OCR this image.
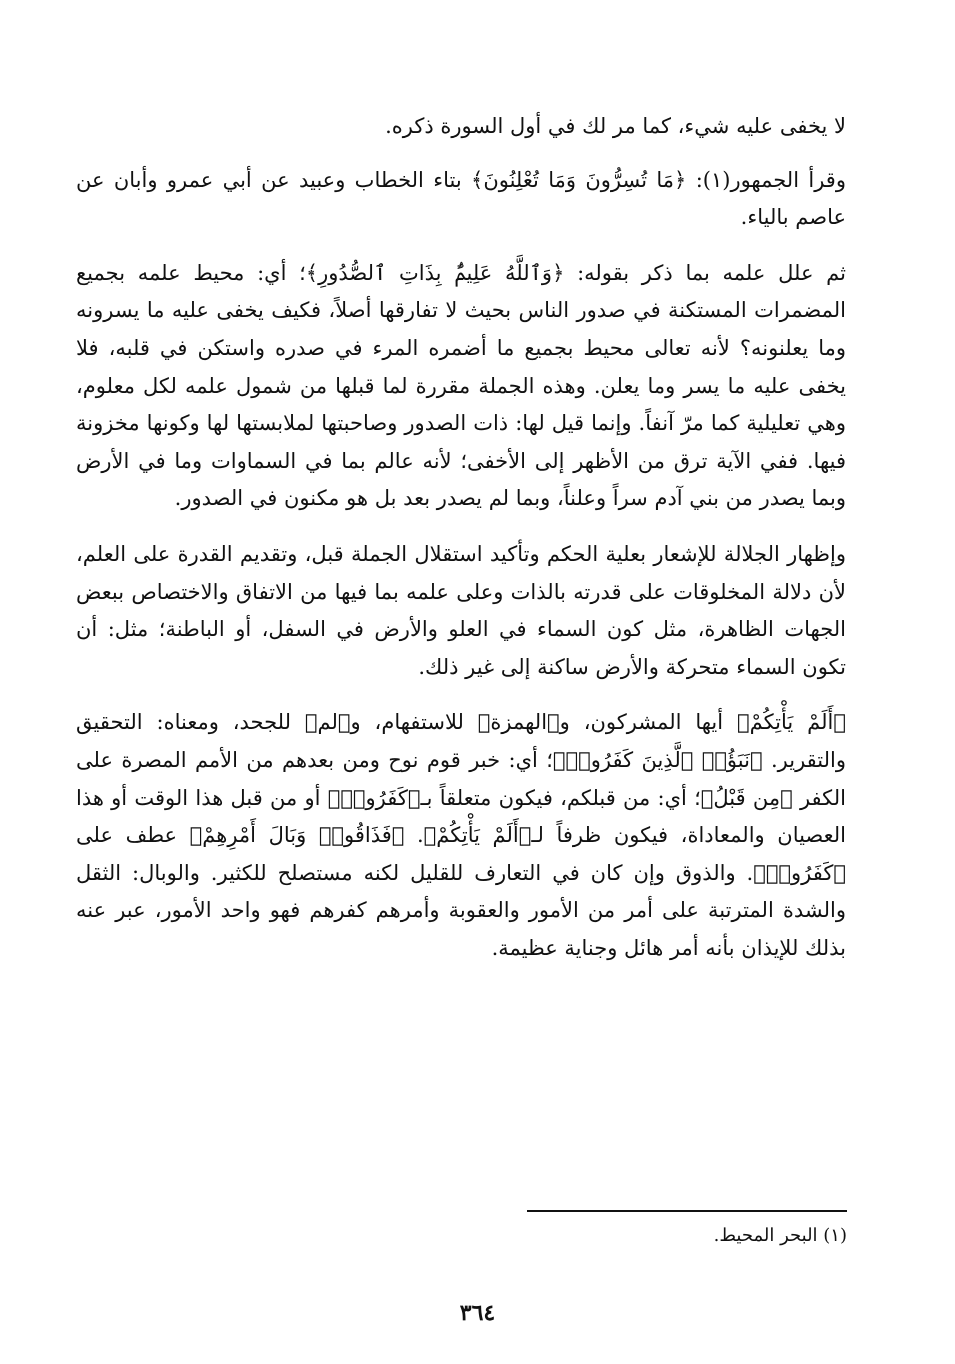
لا يخفى عليه شيء، كما مر لك في أول السورة ذكره.

وقرأ الجمهور(١): ﴿مَا تُسِرُّونَ وَمَا تُعْلِنُونَ﴾ بتاء الخطاب وعبيد عن أبي عمرو وأبان عن عاصم بالياء.

ثم علل علمه بما ذكر بقوله: ﴿وَٱللَّهُ عَلِيمٌۢ بِذَاتِ ٱلصُّدُورِ﴾؛ أي: محيط علمه بجميع المضمرات المستكنة في صدور الناس بحيث لا تفارقها أصلاً، فكيف يخفى عليه ما يسرونه وما يعلنونه؟ لأنه تعالى محيط بجميع ما أضمره المرء في صدره واستكن في قلبه، فلا يخفى عليه ما يسر وما يعلن. وهذه الجملة مقررة لما قبلها من شمول علمه لكل معلوم، وهي تعليلية كما مرّ آنفاً. وإنما قيل لها: ذات الصدور وصاحبتها لملابستها لها وكونها مخزونة فيها. ففي الآية ترق من الأظهر إلى الأخفى؛ لأنه عالم بما في السماوات وما في الأرض وبما يصدر من بني آدم سراً وعلناً، وبما لم يصدر بعد بل هو مكنون في الصدور.

وإظهار الجلالة للإشعار بعلية الحكم وتأكيد استقلال الجملة قبل، وتقديم القدرة على العلم، لأن دلالة المخلوقات على قدرته بالذات وعلى علمه بما فيها من الاتفاق والاختصاص ببعض الجهات الظاهرة، مثل كون السماء في العلو والأرض في السفل، أو الباطنة؛ مثل: أن تكون السماء متحركة والأرض ساكنة إلى غير ذلك.

﴿أَلَمْ يَأْتِكُمْ﴾ أيها المشركون، و﴿الهمزة﴾ للاستفهام، و﴿لم﴾ للجحد، ومعناه: التحقيق والتقرير. ﴿نَبَؤُا۟ ٱلَّذِينَ كَفَرُوا۟﴾؛ أي: خبر قوم نوح ومن بعدهم من الأمم المصرة على الكفر ﴿مِن قَبْلُ﴾؛ أي: من قبلكم، فيكون متعلقاً بـ﴿كَفَرُوا۟﴾ أو من قبل هذا الوقت أو هذا العصيان والمعاداة، فيكون ظرفاً لـ﴿أَلَمْ يَأْتِكُمْ﴾. ﴿فَذَاقُوا۟ وَبَالَ أَمْرِهِمْ﴾ عطف على ﴿كَفَرُوا۟﴾. والذوق وإن كان في التعارف للقليل لكنه مستصلح للكثير. والوبال: الثقل والشدة المترتبة على أمر من الأمور والعقوبة وأمرهم كفرهم فهو واحد الأمور، عبر عنه بذلك للإيذان بأنه أمر هائل وجناية عظيمة.

(١) البحر المحيط.
٣٦٤
